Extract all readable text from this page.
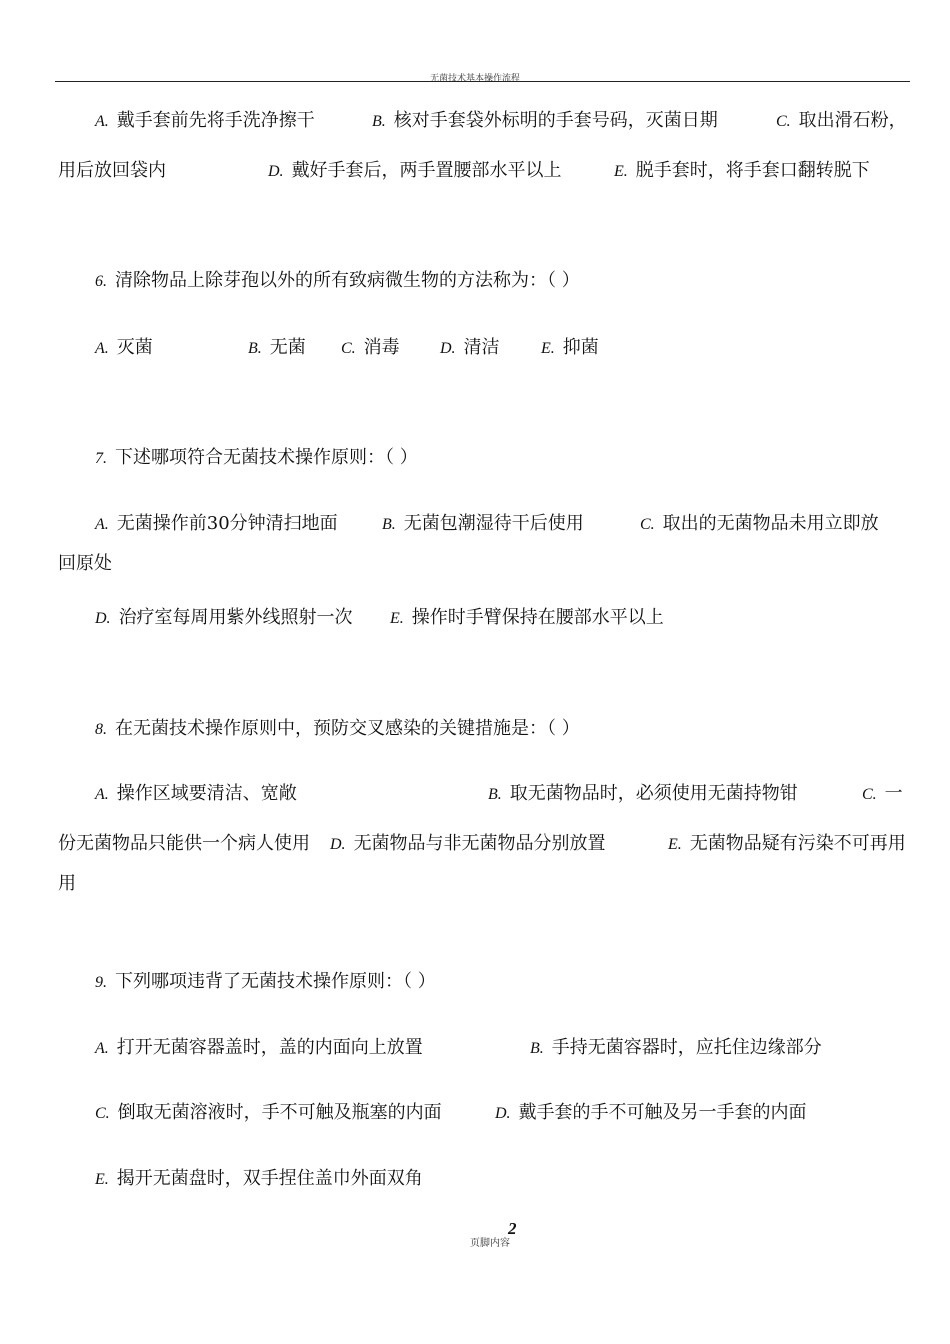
无菌技术基本操作流程
A. 戴手套前先将手洗净擦干	B. 核对手套袋外标明的手套号码，灭菌日期	C. 取出滑石粉，
用后放回袋内	D. 戴好手套后，两手置腰部水平以上	E. 脱手套时，将手套口翻转脱下
6. 清除物品上除芽孢以外的所有致病微生物的方法称为：（ ）
A. 灭菌	B. 无菌 C. 消毒	D. 清洁	E. 抑菌
7. 下述哪项符合无菌技术操作原则：（ ）
A. 无菌操作前30分钟清扫地面	B. 无菌包潮湿待干后使用	C. 取出的无菌物品未用立即放
回原处
D. 治疗室每周用紫外线照射一次 E. 操作时手臂保持在腰部水平以上
8. 在无菌技术操作原则中，预防交叉感染的关键措施是：（ ）
A. 操作区域要清洁、宽敞	B. 取无菌物品时，必须使用无菌持物钳	C. 一
份无菌物品只能供一个病人使用 D. 无菌物品与非无菌物品分别放置	E. 无菌物品疑有污染不可再用
用
9. 下列哪项违背了无菌技术操作原则：（ ）
A. 打开无菌容器盖时，盖的内面向上放置	B. 手持无菌容器时，应托住边缘部分
C. 倒取无菌溶液时，手不可触及瓶塞的内面	D. 戴手套的手不可触及另一手套的内面
E. 揭开无菌盘时，双手捏住盖巾外面双角
2
页脚内容
